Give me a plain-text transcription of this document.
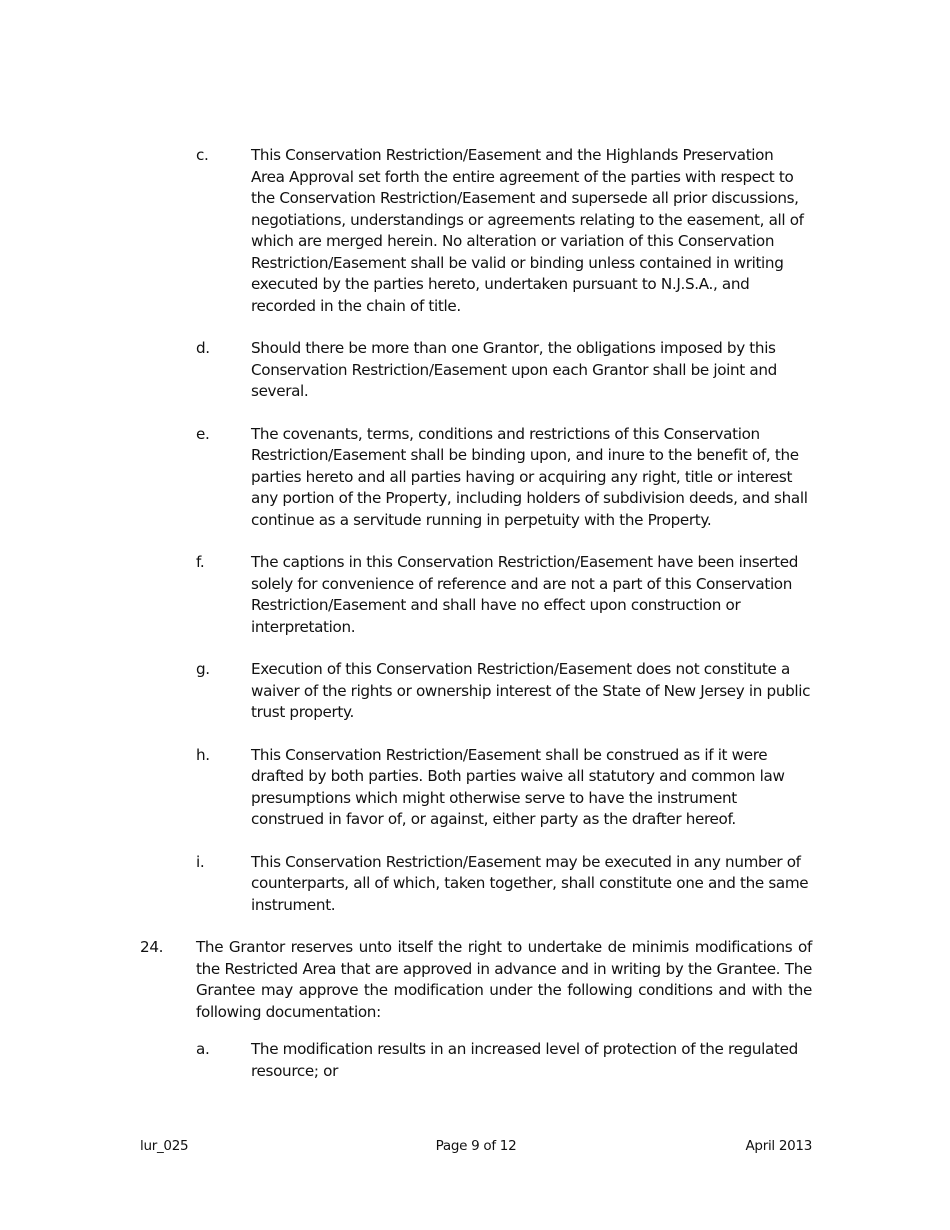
c.	This Conservation Restriction/Easement and the Highlands Preservation Area Approval set forth the entire agreement of the parties with respect to the Conservation Restriction/Easement and supersede all prior discussions, negotiations, understandings or agreements relating to the easement, all of which are merged herein. No alteration or variation of this Conservation Restriction/Easement shall be valid or binding unless contained in writing executed by the parties hereto, undertaken pursuant to N.J.S.A., and recorded in the chain of title.
d.	Should there be more than one Grantor, the obligations imposed by this Conservation Restriction/Easement upon each Grantor shall be joint and several.
e.	The covenants, terms, conditions and restrictions of this Conservation Restriction/Easement shall be binding upon, and inure to the benefit of, the parties hereto and all parties having or acquiring any right, title or interest any portion of the Property, including holders of subdivision deeds, and shall continue as a servitude running in perpetuity with the Property.
f.	The captions in this Conservation Restriction/Easement have been inserted solely for convenience of reference and are not a part of this Conservation Restriction/Easement and shall have no effect upon construction or interpretation.
g.	Execution of this Conservation Restriction/Easement does not constitute a waiver of the rights or ownership interest of the State of New Jersey in public trust property.
h.	This Conservation Restriction/Easement shall be construed as if it were drafted by both parties. Both parties waive all statutory and common law presumptions which might otherwise serve to have the instrument construed in favor of, or against, either party as the drafter hereof.
i.	This Conservation Restriction/Easement may be executed in any number of counterparts, all of which, taken together, shall constitute one and the same instrument.
24. The Grantor reserves unto itself the right to undertake de minimis modifications of the Restricted Area that are approved in advance and in writing by the Grantee. The Grantee may approve the modification under the following conditions and with the following documentation:
a.	The modification results in an increased level of protection of the regulated resource; or
lur_025	Page 9 of 12	April 2013
